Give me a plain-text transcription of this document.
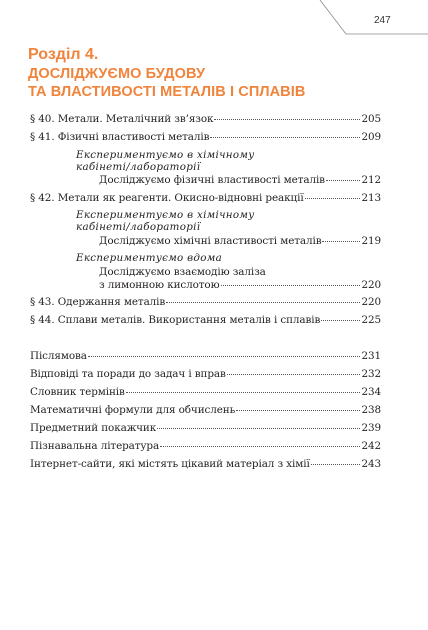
247
Розділ 4.
ДОСЛІДЖУЄМО БУДОВУ
ТА ВЛАСТИВОСТІ МЕТАЛІВ І СПЛАВІВ
§ 40. Метали. Металічний зв’язок	205
§ 41. Фізичні властивості металів	209
Експериментуємо в хімічному
кабінеті/лабораторії
Досліджуємо фізичні властивості металів	212
§ 42. Метали як реагенти. Окисно-відновні реакції	213
Експериментуємо в хімічному
кабінеті/лабораторії
Досліджуємо хімічні властивості металів	219
Експериментуємо вдома
Досліджуємо взаємодію заліза
з лимонною кислотою	220
§ 43. Одержання металів	220
§ 44. Сплави металів. Використання металів і сплавів	225
Післямова	231
Відповіді та поради до задач і вправ	232
Словник термінів	234
Математичні формули для обчислень	238
Предметний покажчик	239
Пізнавальна література	242
Інтернет-сайти, які містять цікавий матеріал з хімії	243
